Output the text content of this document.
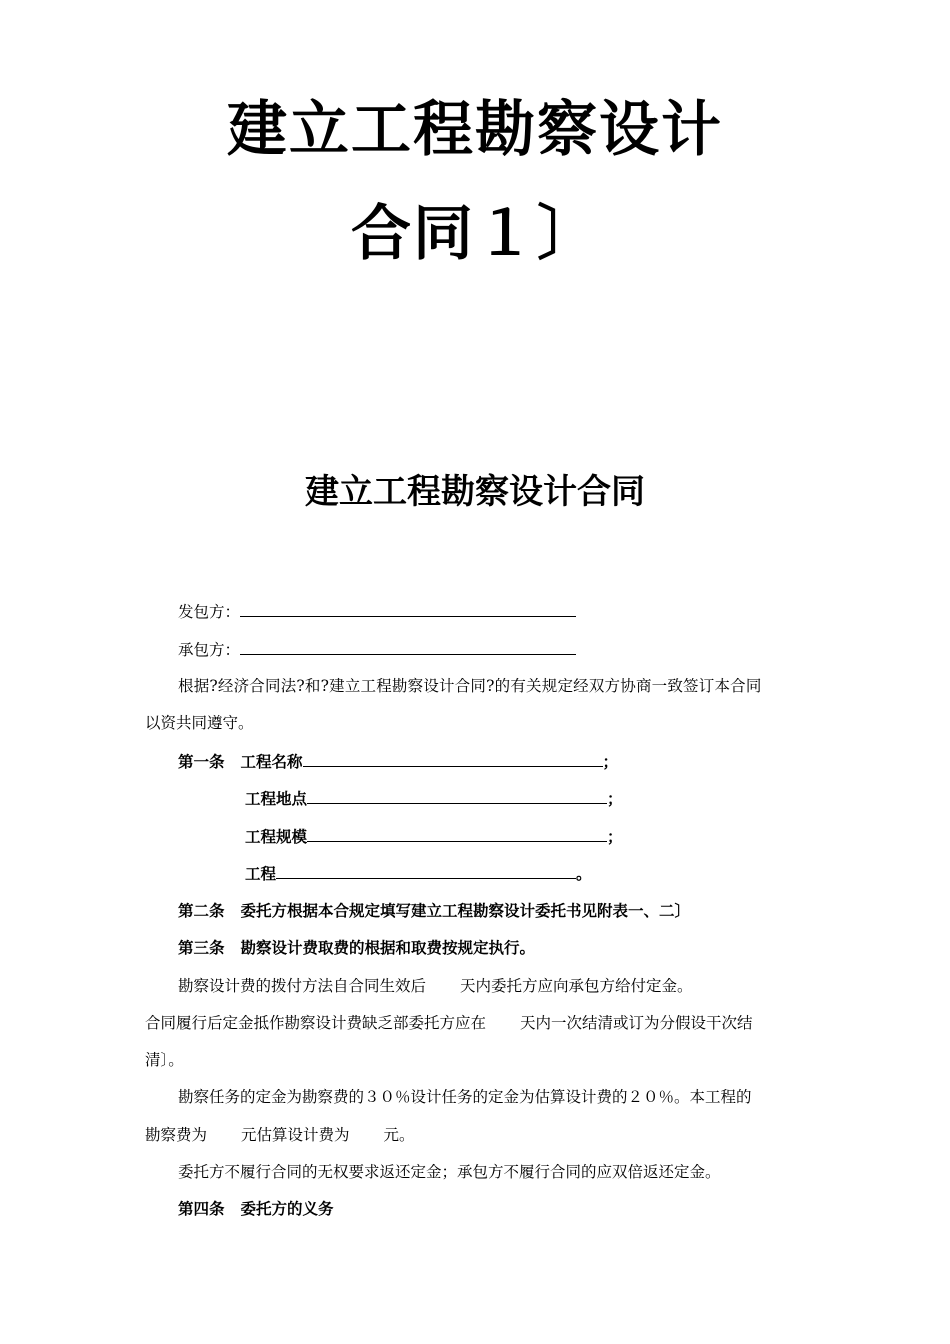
建立工程勘察设计
合同１〕
建立工程勘察设计合同
发包方：
承包方：
根据?经济合同法?和?建立工程勘察设计合同?的有关规定经双方协商一致签订本合同
以资共同遵守。
第一条 工程名称	；
工程地点	；
工程规模	；
工程	。
第二条 委托方根据本合规定填写建立工程勘察设计委托书见附表一、二〕
第三条 勘察设计费取费的根据和取费按规定执行。
勘察设计费的拨付方法自合同生效后 天内委托方应向承包方给付定金。
合同履行后定金抵作勘察设计费缺乏部委托方应在 天内一次结清或订为分假设干次结
清〕。
勘察任务的定金为勘察费的３０％设计任务的定金为估算设计费的２０％。本工程的
勘察费为 元估算设计费为 元。
委托方不履行合同的无权要求返还定金；承包方不履行合同的应双倍返还定金。
第四条 委托方的义务
